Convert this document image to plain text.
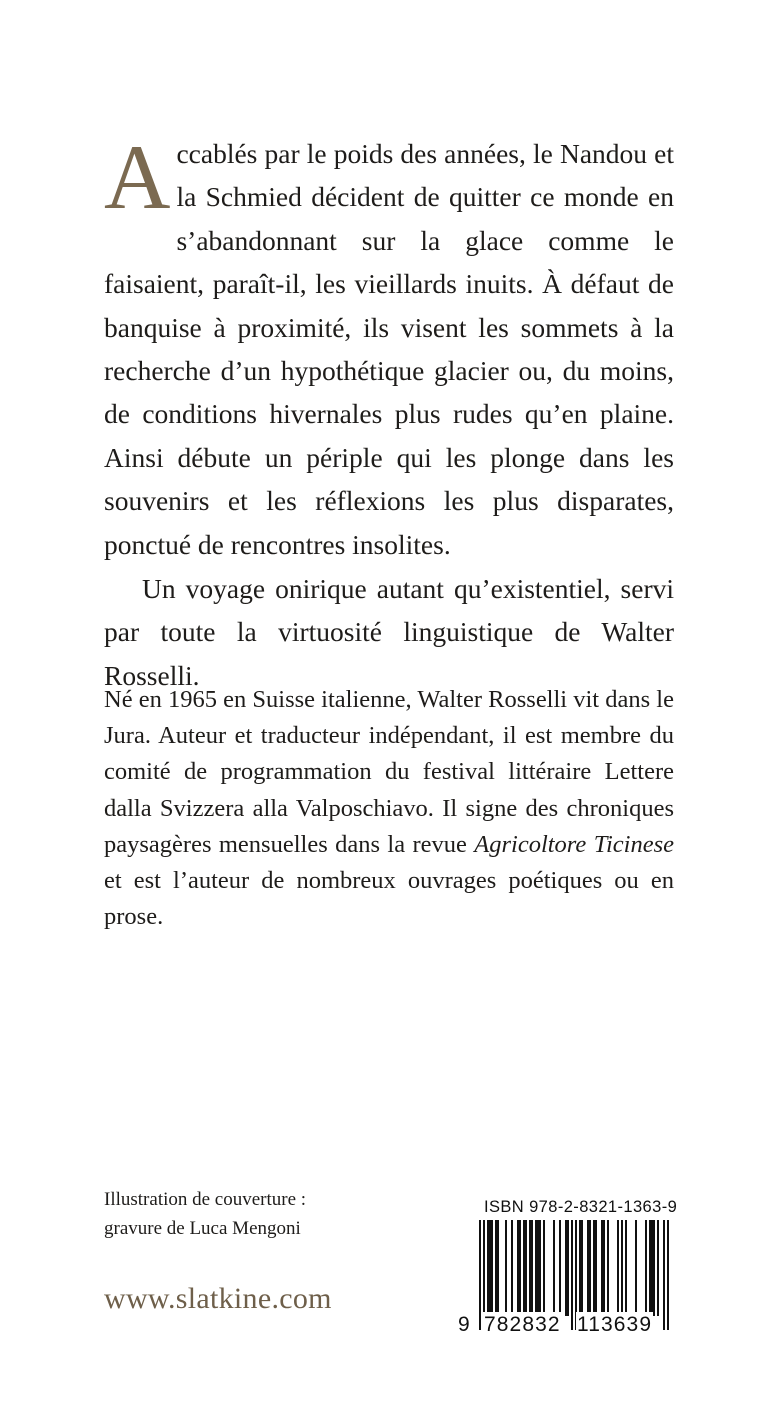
Accablés par le poids des années, le Nandou et la Schmied décident de quitter ce monde en s’abandonnant sur la glace comme le faisaient, paraît-il, les vieillards inuits. À défaut de banquise à proximité, ils visent les sommets à la recherche d’un hypothétique glacier ou, du moins, de conditions hivernales plus rudes qu’en plaine. Ainsi débute un périple qui les plonge dans les souvenirs et les réflexions les plus disparates, ponctué de rencontres insolites.

Un voyage onirique autant qu’existentiel, servi par toute la virtuosité linguistique de Walter Rosselli.

Né en 1965 en Suisse italienne, Walter Rosselli vit dans le Jura. Auteur et traducteur indépendant, il est membre du comité de programmation du festival littéraire Lettere dalla Svizzera alla Valposchiavo. Il signe des chroniques paysagères mensuelles dans la revue Agricoltore Ticinese et est l’auteur de nombreux ouvrages poétiques ou en prose.

Illustration de couverture :
gravure de Luca Mengoni
www.slatkine.com
ISBN 978-2-8321-1363-9
9 782832 113639
